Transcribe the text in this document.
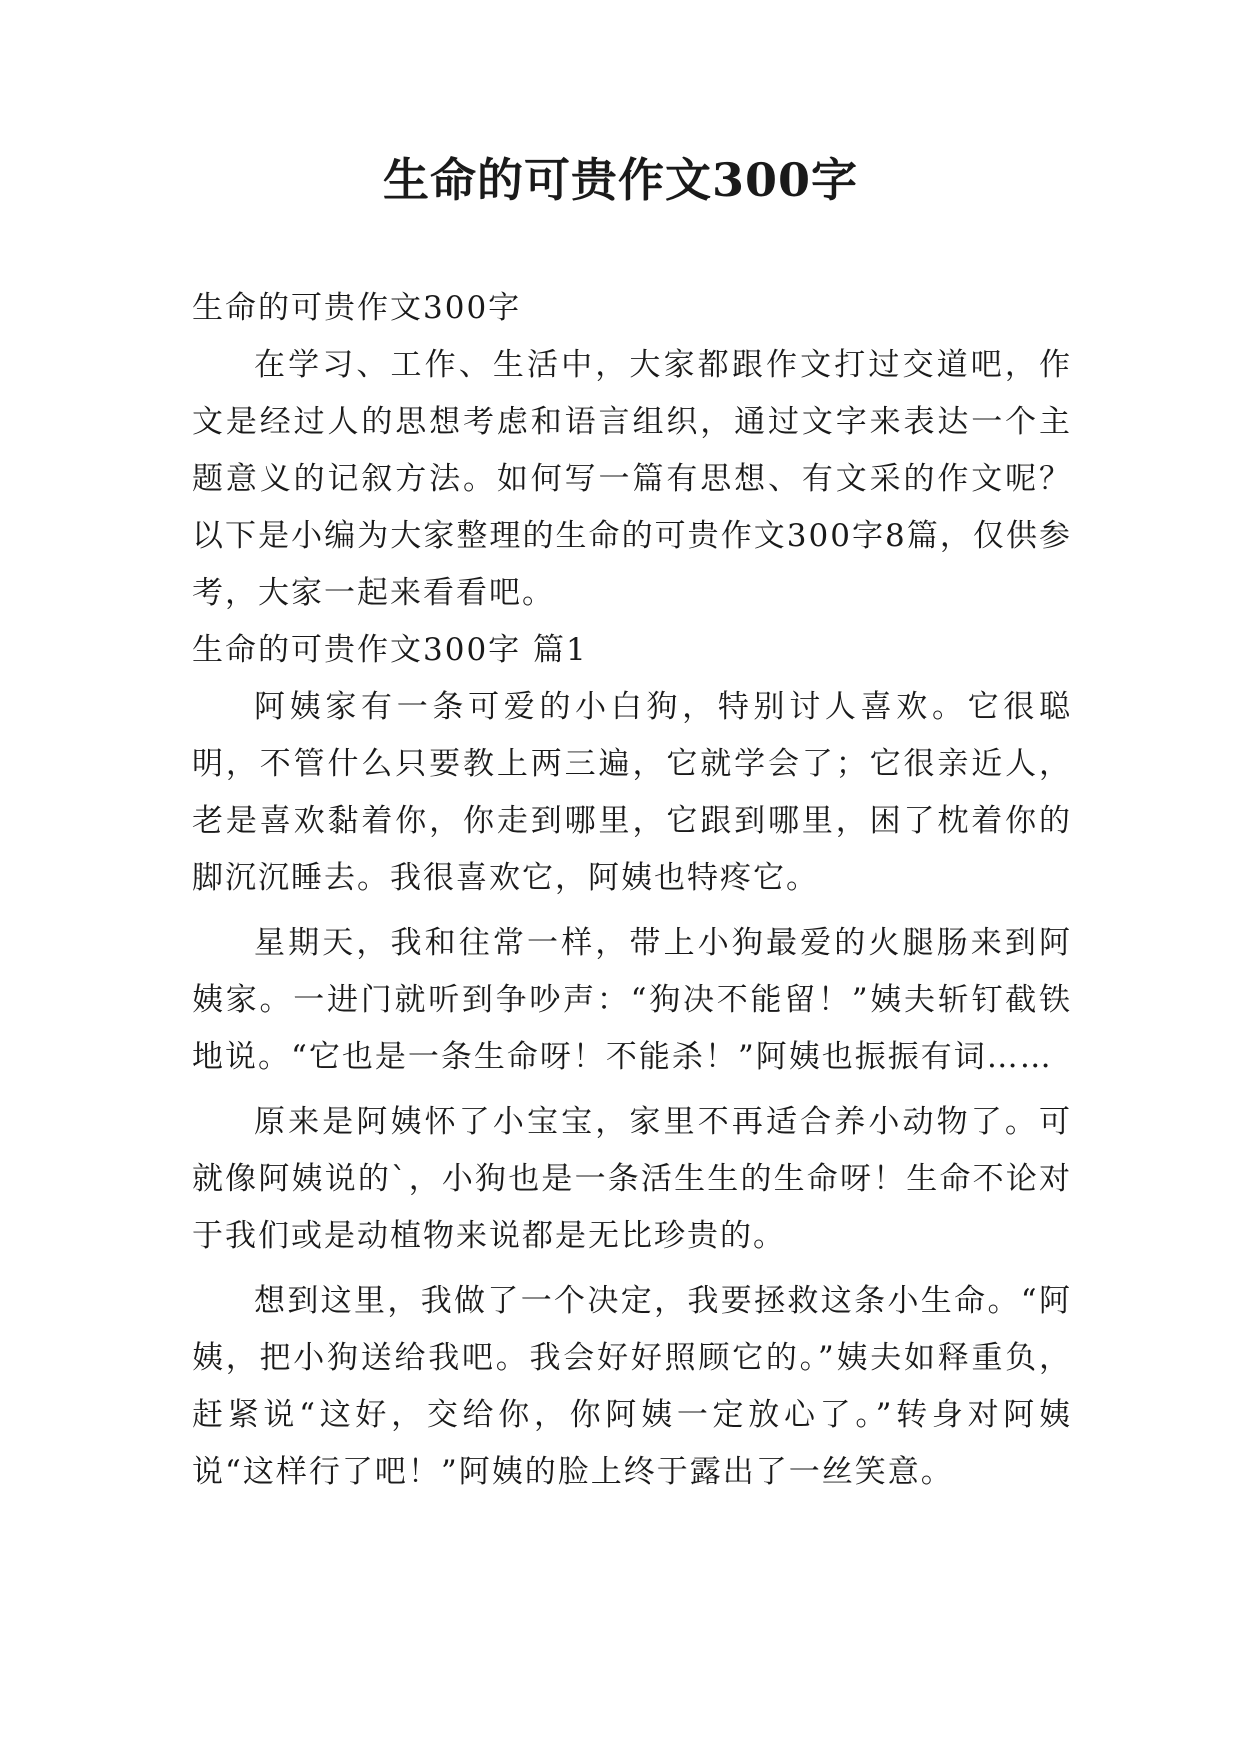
生命的可贵作文300字

生命的可贵作文300字

在学习、工作、生活中，大家都跟作文打过交道吧，作文是经过人的思想考虑和语言组织，通过文字来表达一个主题意义的记叙方法。如何写一篇有思想、有文采的作文呢？以下是小编为大家整理的生命的可贵作文300字8篇，仅供参考，大家一起来看看吧。

生命的可贵作文300字 篇1

阿姨家有一条可爱的小白狗，特别讨人喜欢。它很聪明，不管什么只要教上两三遍，它就学会了；它很亲近人，老是喜欢黏着你，你走到哪里，它跟到哪里，困了枕着你的脚沉沉睡去。我很喜欢它，阿姨也特疼它。

星期天，我和往常一样，带上小狗最爱的火腿肠来到阿姨家。一进门就听到争吵声：“狗决不能留！”姨夫斩钉截铁地说。“它也是一条生命呀！不能杀！”阿姨也振振有词……

原来是阿姨怀了小宝宝，家里不再适合养小动物了。可就像阿姨说的`，小狗也是一条活生生的生命呀！生命不论对于我们或是动植物来说都是无比珍贵的。

想到这里，我做了一个决定，我要拯救这条小生命。“阿姨，把小狗送给我吧。我会好好照顾它的。”姨夫如释重负，赶紧说“这好，交给你，你阿姨一定放心了。”转身对阿姨说“这样行了吧！”阿姨的脸上终于露出了一丝笑意。
